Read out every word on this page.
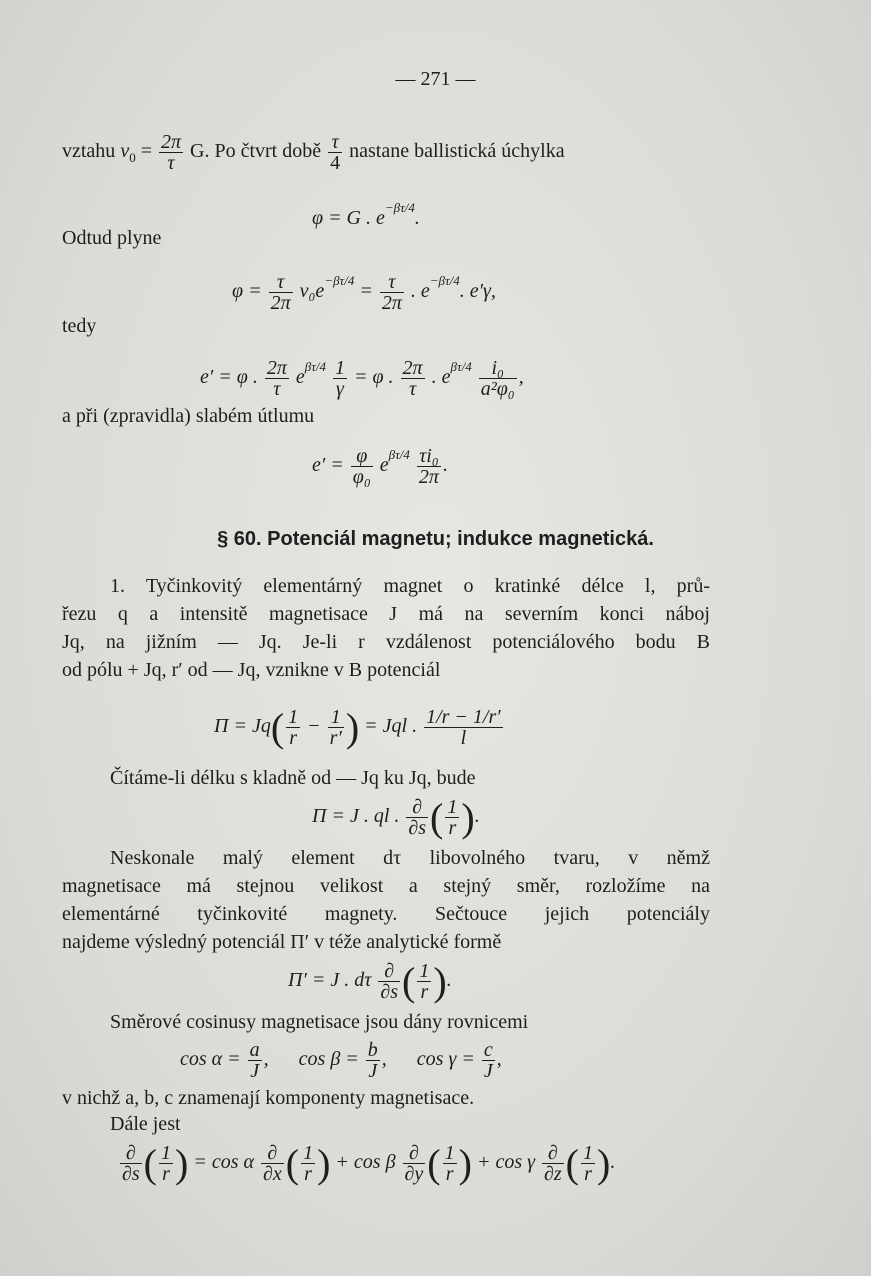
— 271 —
vztahu $v_0 = \frac{2\pi}{\tau} G$. Po čtvrt době $\frac{\tau}{4}$ nastane ballistická úchylka
φ = G . $e^{-\beta\tau/4}$.
Odtud plyne
$\varphi = \frac{\tau}{2\pi} v_0e^{-\beta\tau/4} = \frac{\tau}{2\pi}$ . $e^{-\beta\tau/4}$. e′γ,
tedy
e′ = φ . $\frac{2\pi}{\tau} e^{\beta\tau/4} \frac{1}{\gamma} = \varphi$ . $\frac{2\pi}{\tau}$ . $e^{\beta\tau/4} \frac{\text{i₀}}{\text{a²φ₀}}$ ,
a při (zpravidla) slabém útlumu
$e' = \frac{\varphi}{\text{φ₀}} e^{\beta\tau/4} \frac{\text{τi₀}}{2\pi}$ .
§ 60. Potenciál magnetu; indukce magnetická.
1. Tyčinkovitý elementárný magnet o kratinké délce l, prů-
řezu q a intensitě magnetisace J má na severním konci náboj
Jq, na jižním — Jq. Je-li r vzdálenost potenciálového bodu B
od pólu + Jq, r′ od — Jq, vznikne v B potenciál
$\Pi = Jq( \frac{1}{r} - \frac{1}{r'}$ ) = Jql . $\frac{1/r - 1/r'}{l}$
Čítáme-li délku s kladně od — Jq ku Jq, bude
Π = J . ql . $\frac{\partial}{\partial s}$ ( $\frac{1}{r}$ ).
Neskonale malý element dτ libovolného tvaru, v němž
magnetisace má stejnou velikost a stejný směr, rozložíme na
elementárné tyčinkovité magnety. Sečtouce jejich potenciály
najdeme výsledný potenciál Π′ v téže analytické formě
Π′ = J . dτ $\frac{\partial}{\partial s}$ ( $\frac{1}{r}$ ).
Směrové cosinusy magnetisace jsou dány rovnicemi
$\cos \alpha = \frac{a}{J}$ ,      $\cos \beta = \frac{b}{J}$ ,      $\cos \gamma = \frac{c}{J}$ ,
v nichž a, b, c znamenají komponenty magnetisace.
Dále jest
$\frac{\partial}{\partial s}$ ( $\frac{1}{r}$ ) = cos α $\frac{\partial}{\partial x}$ ( $\frac{1}{r}$ ) + cos β $\frac{\partial}{\partial y}$ ( $\frac{1}{r}$ ) + cos γ $\frac{\partial}{\partial z}$ ( $\frac{1}{r}$ ).
